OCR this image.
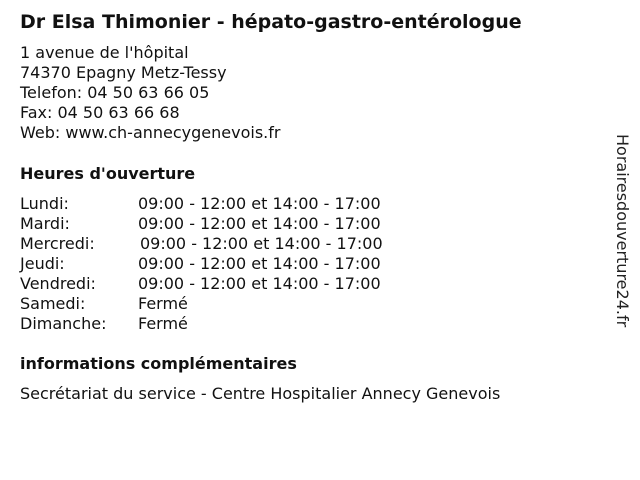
Dr Elsa Thimonier - hépato-gastro-entérologue
1 avenue de l'hôpital
74370 Epagny Metz-Tessy
Telefon: 04 50 63 66 05
Fax: 04 50 63 66 68
Web: www.ch-annecygenevois.fr
Heures d'ouverture
Lundi:	09:00 - 12:00 et 14:00 - 17:00
Mardi:	09:00 - 12:00 et 14:00 - 17:00
Mercredi:	09:00 - 12:00 et 14:00 - 17:00
Jeudi:	09:00 - 12:00 et 14:00 - 17:00
Vendredi:	09:00 - 12:00 et 14:00 - 17:00
Samedi:	Fermé
Dimanche: Fermé
informations complémentaires
Secrétariat du service - Centre Hospitalier Annecy Genevois
Horairesdouverture24.fr
